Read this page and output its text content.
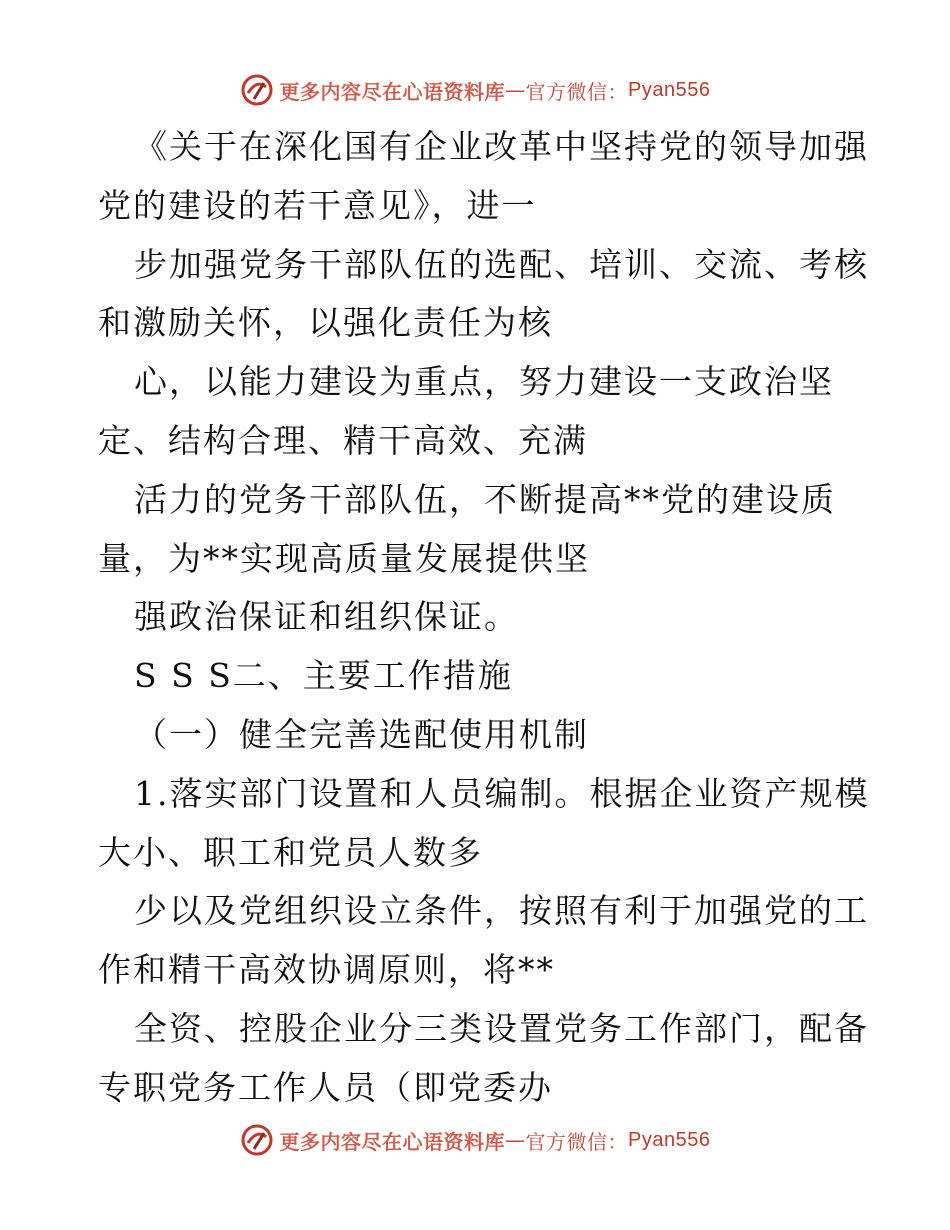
更多内容尽在心语资料库 — 官方微信： Pyan556
《关于在深化国有企业改革中坚持党的领导加强
党的建设的若干意见》，进一
步加强党务干部队伍的选配、培训、交流、考核
和激励关怀，以强化责任为核
心，以能力建设为重点，努力建设一支政治坚
定、结构合理、精干高效、充满
活力的党务干部队伍，不断提高**党的建设质
量，为**实现高质量发展提供坚
强政治保证和组织保证。
S S S二、主要工作措施
（一）健全完善选配使用机制
1.落实部门设置和人员编制。根据企业资产规模
大小、职工和党员人数多
少以及党组织设立条件，按照有利于加强党的工
作和精干高效协调原则，将**
全资、控股企业分三类设置党务工作部门，配备
专职党务工作人员（即党委办
更多内容尽在心语资料库 — 官方微信： Pyan556
